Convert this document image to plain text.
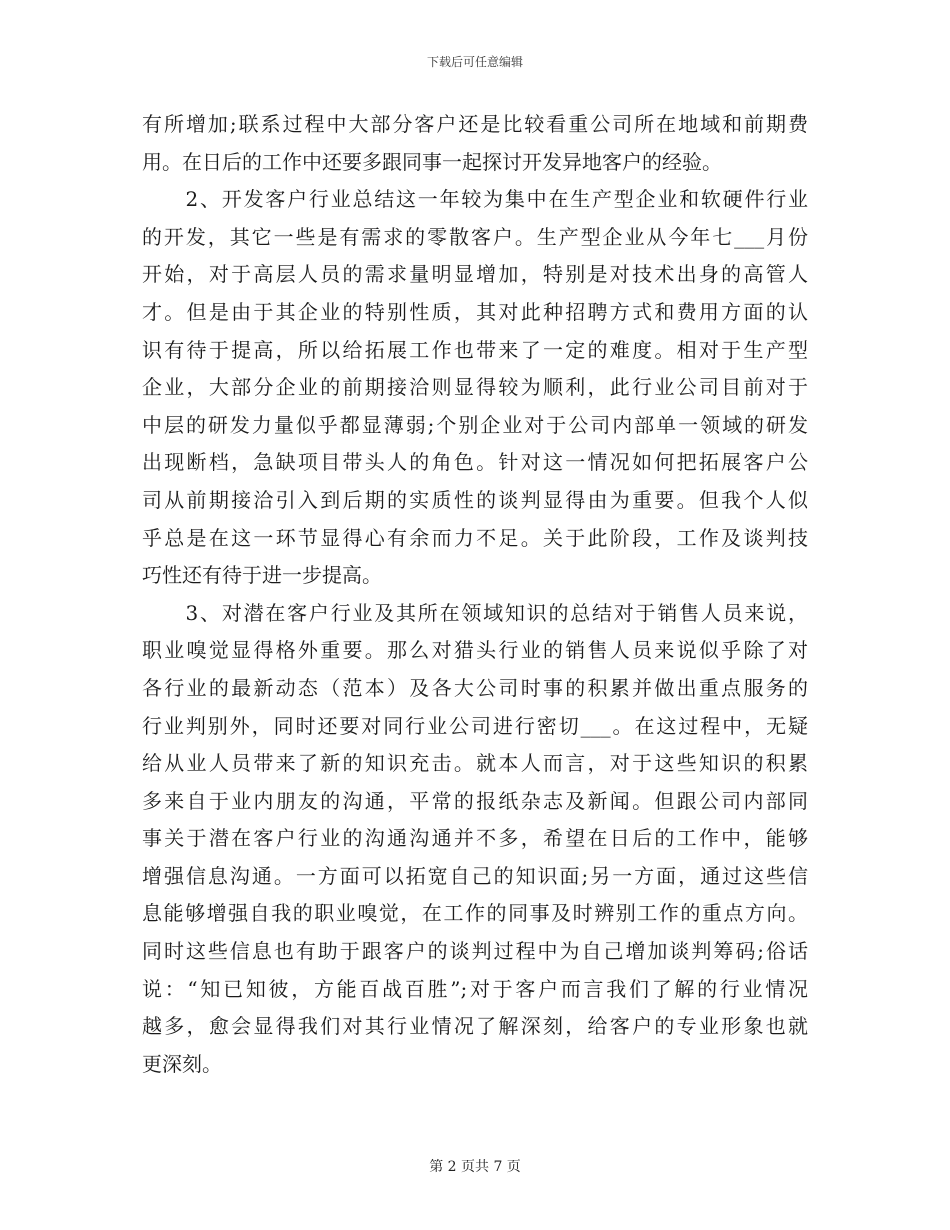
下载后可任意编辑
有所增加;联系过程中大部分客户还是比较看重公司所在地域和前期费
用。在日后的工作中还要多跟同事一起探讨开发异地客户的经验。
　　2、开发客户行业总结这一年较为集中在生产型企业和软硬件行业
的开发，其它一些是有需求的零散客户。生产型企业从今年七___月份
开始，对于高层人员的需求量明显增加，特别是对技术出身的高管人
才。但是由于其企业的特别性质，其对此种招聘方式和费用方面的认
识有待于提高，所以给拓展工作也带来了一定的难度。相对于生产型
企业，大部分企业的前期接洽则显得较为顺利，此行业公司目前对于
中层的研发力量似乎都显薄弱;个别企业对于公司内部单一领域的研发
出现断档，急缺项目带头人的角色。针对这一情况如何把拓展客户公
司从前期接洽引入到后期的实质性的谈判显得由为重要。但我个人似
乎总是在这一环节显得心有余而力不足。关于此阶段，工作及谈判技
巧性还有待于进一步提高。
　　3、对潜在客户行业及其所在领域知识的总结对于销售人员来说，
职业嗅觉显得格外重要。那么对猎头行业的销售人员来说似乎除了对
各行业的最新动态（范本）及各大公司时事的积累并做出重点服务的
行业判别外，同时还要对同行业公司进行密切___。在这过程中，无疑
给从业人员带来了新的知识充击。就本人而言，对于这些知识的积累
多来自于业内朋友的沟通，平常的报纸杂志及新闻。但跟公司内部同
事关于潜在客户行业的沟通沟通并不多，希望在日后的工作中，能够
增强信息沟通。一方面可以拓宽自己的知识面;另一方面，通过这些信
息能够增强自我的职业嗅觉，在工作的同事及时辨别工作的重点方向。
同时这些信息也有助于跟客户的谈判过程中为自己增加谈判筹码;俗话
说：“知已知彼，方能百战百胜”;对于客户而言我们了解的行业情况
越多，愈会显得我们对其行业情况了解深刻，给客户的专业形象也就
更深刻。
第 2 页共 7 页
